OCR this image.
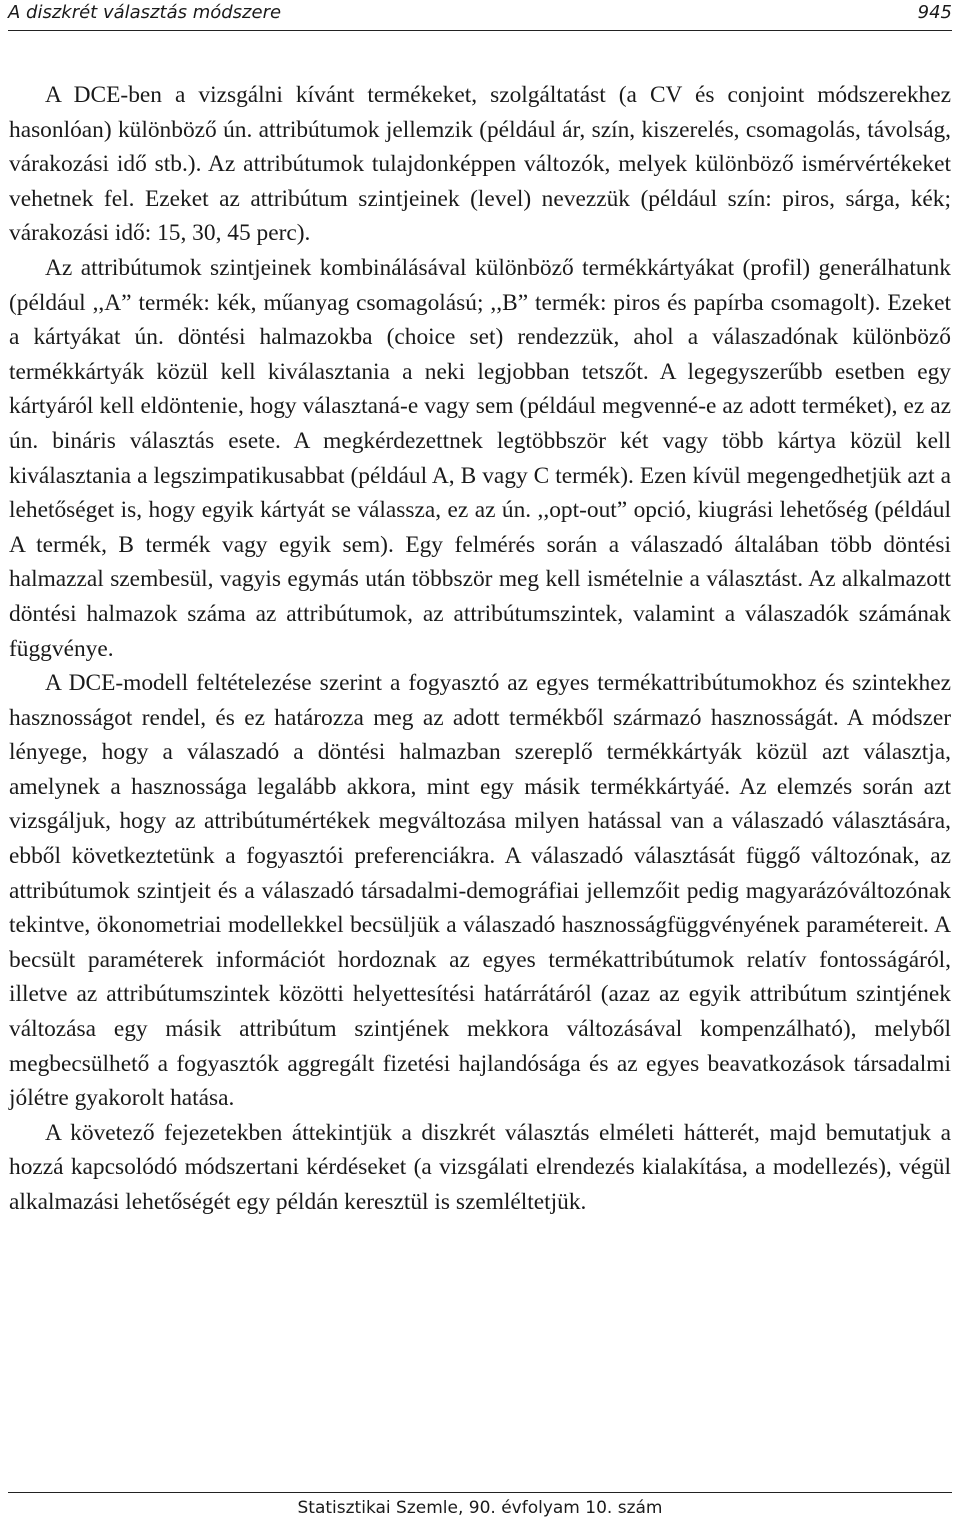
A diszkrét választás módszere	945

A DCE-ben a vizsgálni kívánt termékeket, szolgáltatást (a CV és conjoint módszerekhez hasonlóan) különböző ún. attribútumok jellemzik (például ár, szín, kiszerelés, csomagolás, távolság, várakozási idő stb.). Az attribútumok tulajdonképpen változók, melyek különböző ismérvértékeket vehetnek fel. Ezeket az attribútum szintjeinek (level) nevezzük (például szín: piros, sárga, kék; várakozási idő: 15, 30, 45 perc).

Az attribútumok szintjeinek kombinálásával különböző termékkártyákat (profil) generálhatunk (például ,,A” termék: kék, műanyag csomagolású; ,,B” termék: piros és papírba csomagolt). Ezeket a kártyákat ún. döntési halmazokba (choice set) rendezzük, ahol a válaszadónak különböző termékkártyák közül kell kiválasztania a neki legjobban tetszőt. A legegyszerűbb esetben egy kártyáról kell eldöntenie, hogy választaná-e vagy sem (például megvenné-e az adott terméket), ez az ún. bináris választás esete. A megkérdezettnek legtöbbször két vagy több kártya közül kell kiválasztania a legszimpatikusabbat (például A, B vagy C termék). Ezen kívül megengedhetjük azt a lehetőséget is, hogy egyik kártyát se válassza, ez az ún. ,,opt-out” opció, kiugrási lehetőség (például A termék, B termék vagy egyik sem). Egy felmérés során a válaszadó általában több döntési halmazzal szembesül, vagyis egymás után többször meg kell ismételnie a választást. Az alkalmazott döntési halmazok száma az attribútumok, az attribútumszintek, valamint a válaszadók számának függvénye.

A DCE-modell feltételezése szerint a fogyasztó az egyes termékattribútumokhoz és szintekhez hasznosságot rendel, és ez határozza meg az adott termékből származó hasznosságát. A módszer lényege, hogy a válaszadó a döntési halmazban szereplő termékkártyák közül azt választja, amelynek a hasznossága legalább akkora, mint egy másik termékkártyáé. Az elemzés során azt vizsgáljuk, hogy az attribútumértékek megváltozása milyen hatással van a válaszadó választására, ebből következtetünk a fogyasztói preferenciákra. A válaszadó választását függő változónak, az attribútumok szintjeit és a válaszadó társadalmi-demográfiai jellemzőit pedig magyarázóváltozónak tekintve, ökonometriai modellekkel becsüljük a válaszadó hasznosságfüggvényének paramétereit. A becsült paraméterek információt hordoznak az egyes termékattribútumok relatív fontosságáról, illetve az attribútumszintek közötti helyettesítési határrátáról (azaz az egyik attribútum szintjének változása egy másik attribútum szintjének mekkora változásával kompenzálható), melyből megbecsülhető a fogyasztók aggregált fizetési hajlandósága és az egyes beavatkozások társadalmi jólétre gyakorolt hatása.

A követező fejezetekben áttekintjük a diszkrét választás elméleti hátterét, majd bemutatjuk a hozzá kapcsolódó módszertani kérdéseket (a vizsgálati elrendezés kialakítása, a modellezés), végül alkalmazási lehetőségét egy példán keresztül is szemléltetjük.

Statisztikai Szemle, 90. évfolyam 10. szám
